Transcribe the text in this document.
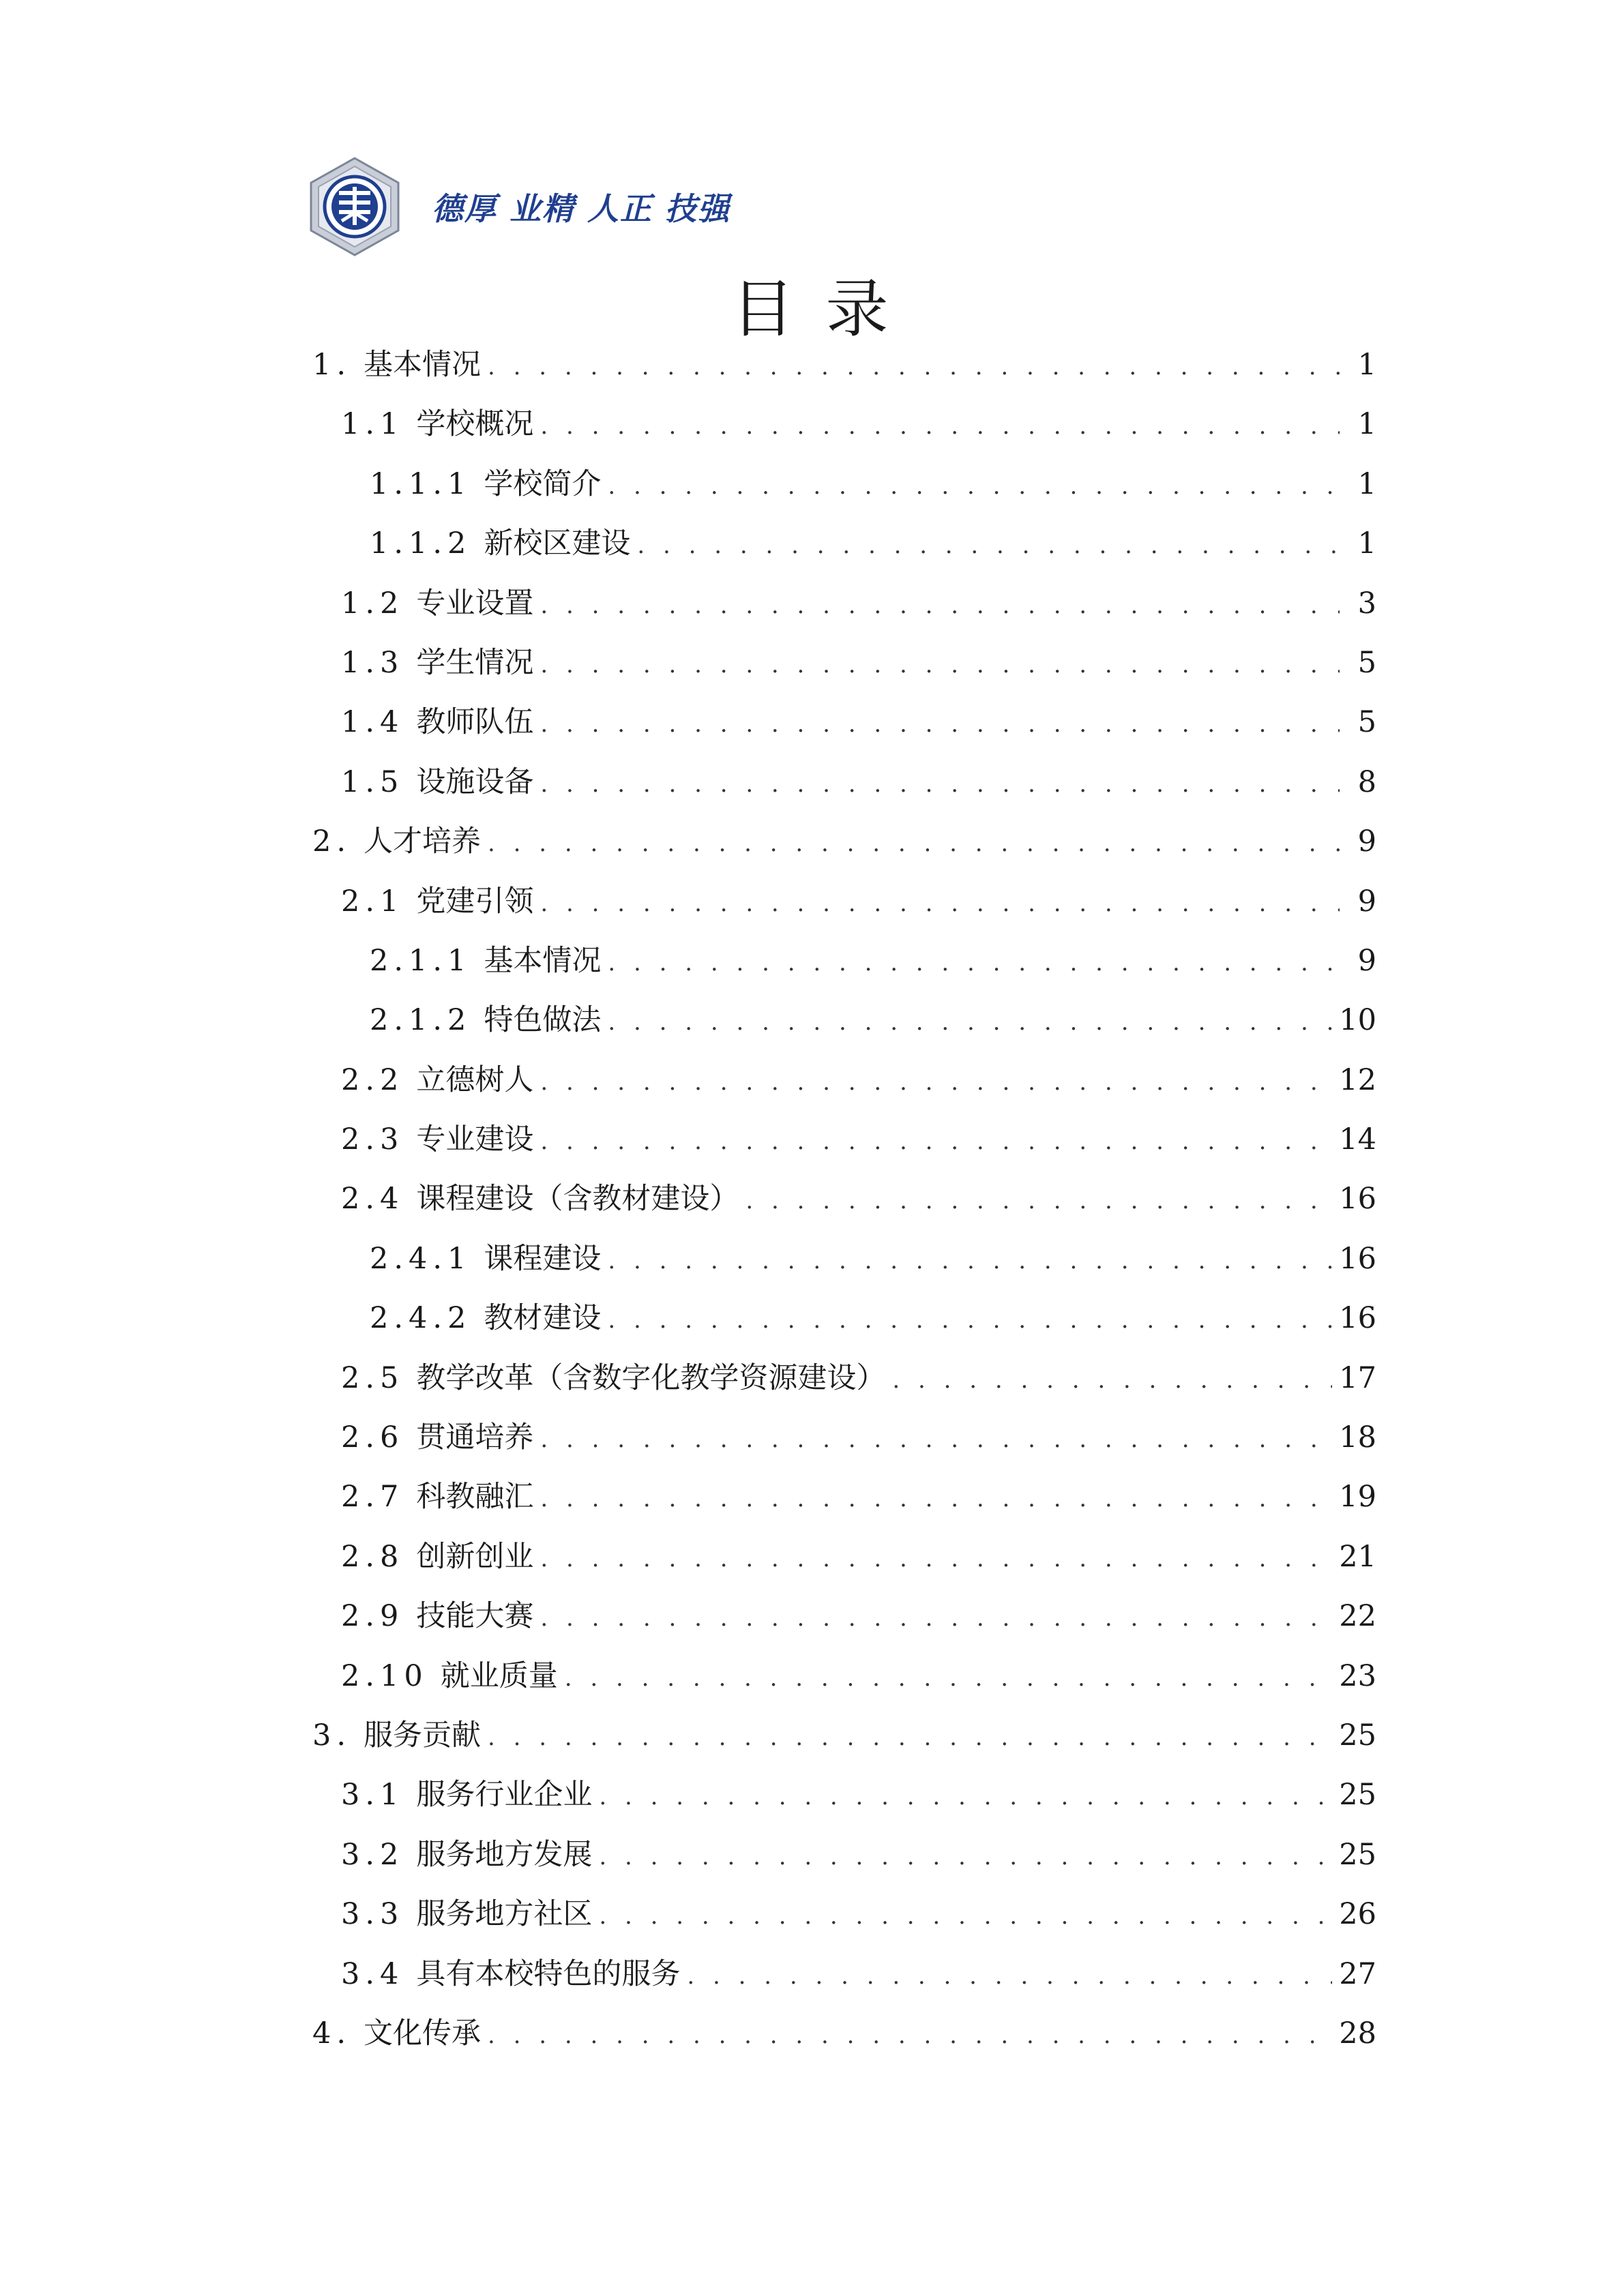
德厚 业精 人正 技强
目录
1. 基本情况 . . .	1
1.1 学校概况 . . .	1
1.1.1 学校简介 . . .	1
1.1.2 新校区建设 . . .	1
1.2 专业设置 . . .	3
1.3 学生情况 . . .	5
1.4 教师队伍 . . .	5
1.5 设施设备 . . .	8
2. 人才培养 . . .	9
2.1 党建引领 . . .	9
2.1.1 基本情况 . . .	9
2.1.2 特色做法 . . .	10
2.2 立德树人 . . .	12
2.3 专业建设 . . .	14
2.4 课程建设（含教材建设） . . .	16
2.4.1 课程建设 . . .	16
2.4.2 教材建设 . . .	16
2.5 教学改革（含数字化教学资源建设） . . .	17
2.6 贯通培养 . . .	18
2.7 科教融汇 . . .	19
2.8 创新创业 . . .	21
2.9 技能大赛 . . .	22
2.10 就业质量 . . .	23
3. 服务贡献 . . .	25
3.1 服务行业企业 . . .	25
3.2 服务地方发展 . . .	25
3.3 服务地方社区 . . .	26
3.4 具有本校特色的服务 . . .	27
4. 文化传承 . . .	28
